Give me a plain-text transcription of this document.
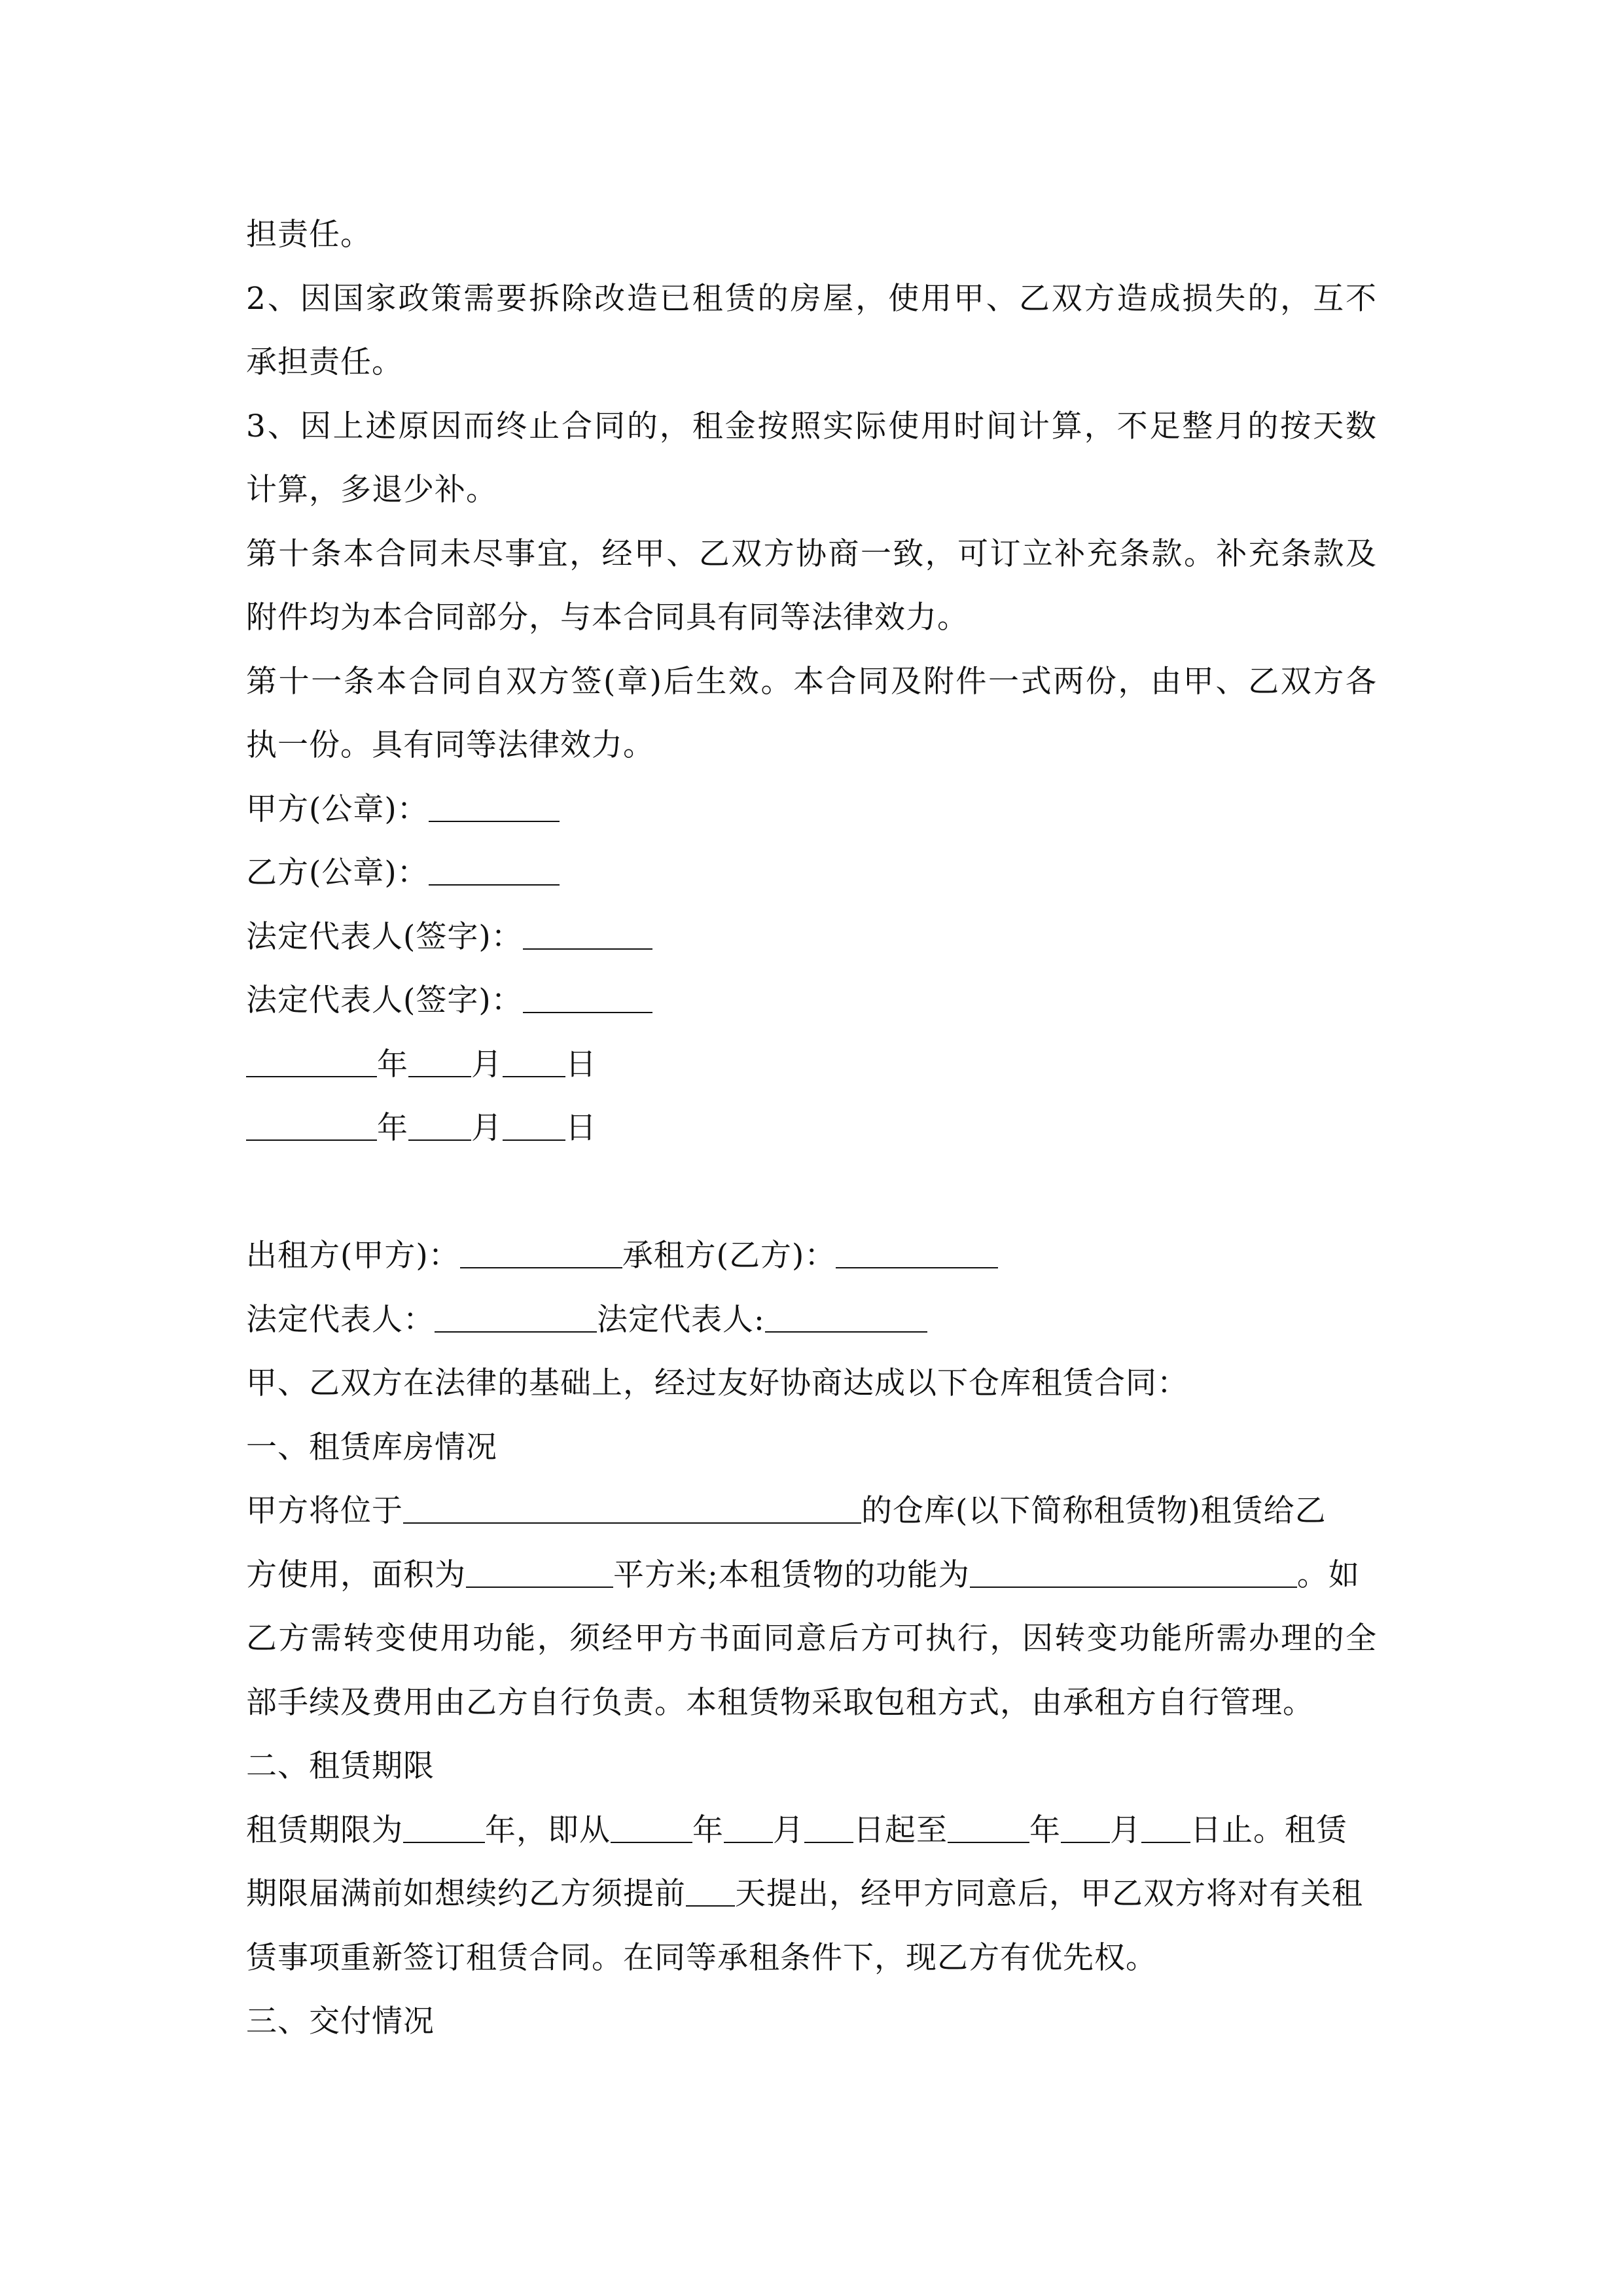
担责任。
2、因国家政策需要拆除改造已租赁的房屋，使用甲、乙双方造成损失的，互不
承担责任。
3、因上述原因而终止合同的，租金按照实际使用时间计算，不足整月的按天数
计算，多退少补。
第十条本合同未尽事宜，经甲、乙双方协商一致，可订立补充条款。补充条款及
附件均为本合同部分，与本合同具有同等法律效力。
第十一条本合同自双方签(章)后生效。本合同及附件一式两份，由甲、乙双方各
执一份。具有同等法律效力。
甲方(公章)：
乙方(公章)：
法定代表人(签字)：
法定代表人(签字)：
年 月 日
年 月 日
出租方(甲方)：	承租方(乙方)：
法定代表人：	法定代表人:
甲、乙双方在法律的基础上，经过友好协商达成以下仓库租赁合同：
一、租赁库房情况
甲方将位于	的仓库(以下简称租赁物)租赁给乙
方使用，面积为	平方米;本租赁物的功能为	。如
乙方需转变使用功能，须经甲方书面同意后方可执行，因转变功能所需办理的全
部手续及费用由乙方自行负责。本租赁物采取包租方式，由承租方自行管理。
二、租赁期限
租赁期限为	年，即从	年 月 日起至	年 月 日止。租赁
期限届满前如想续约乙方须提前 天提出，经甲方同意后，甲乙双方将对有关租
赁事项重新签订租赁合同。在同等承租条件下，现乙方有优先权。
三、交付情况
